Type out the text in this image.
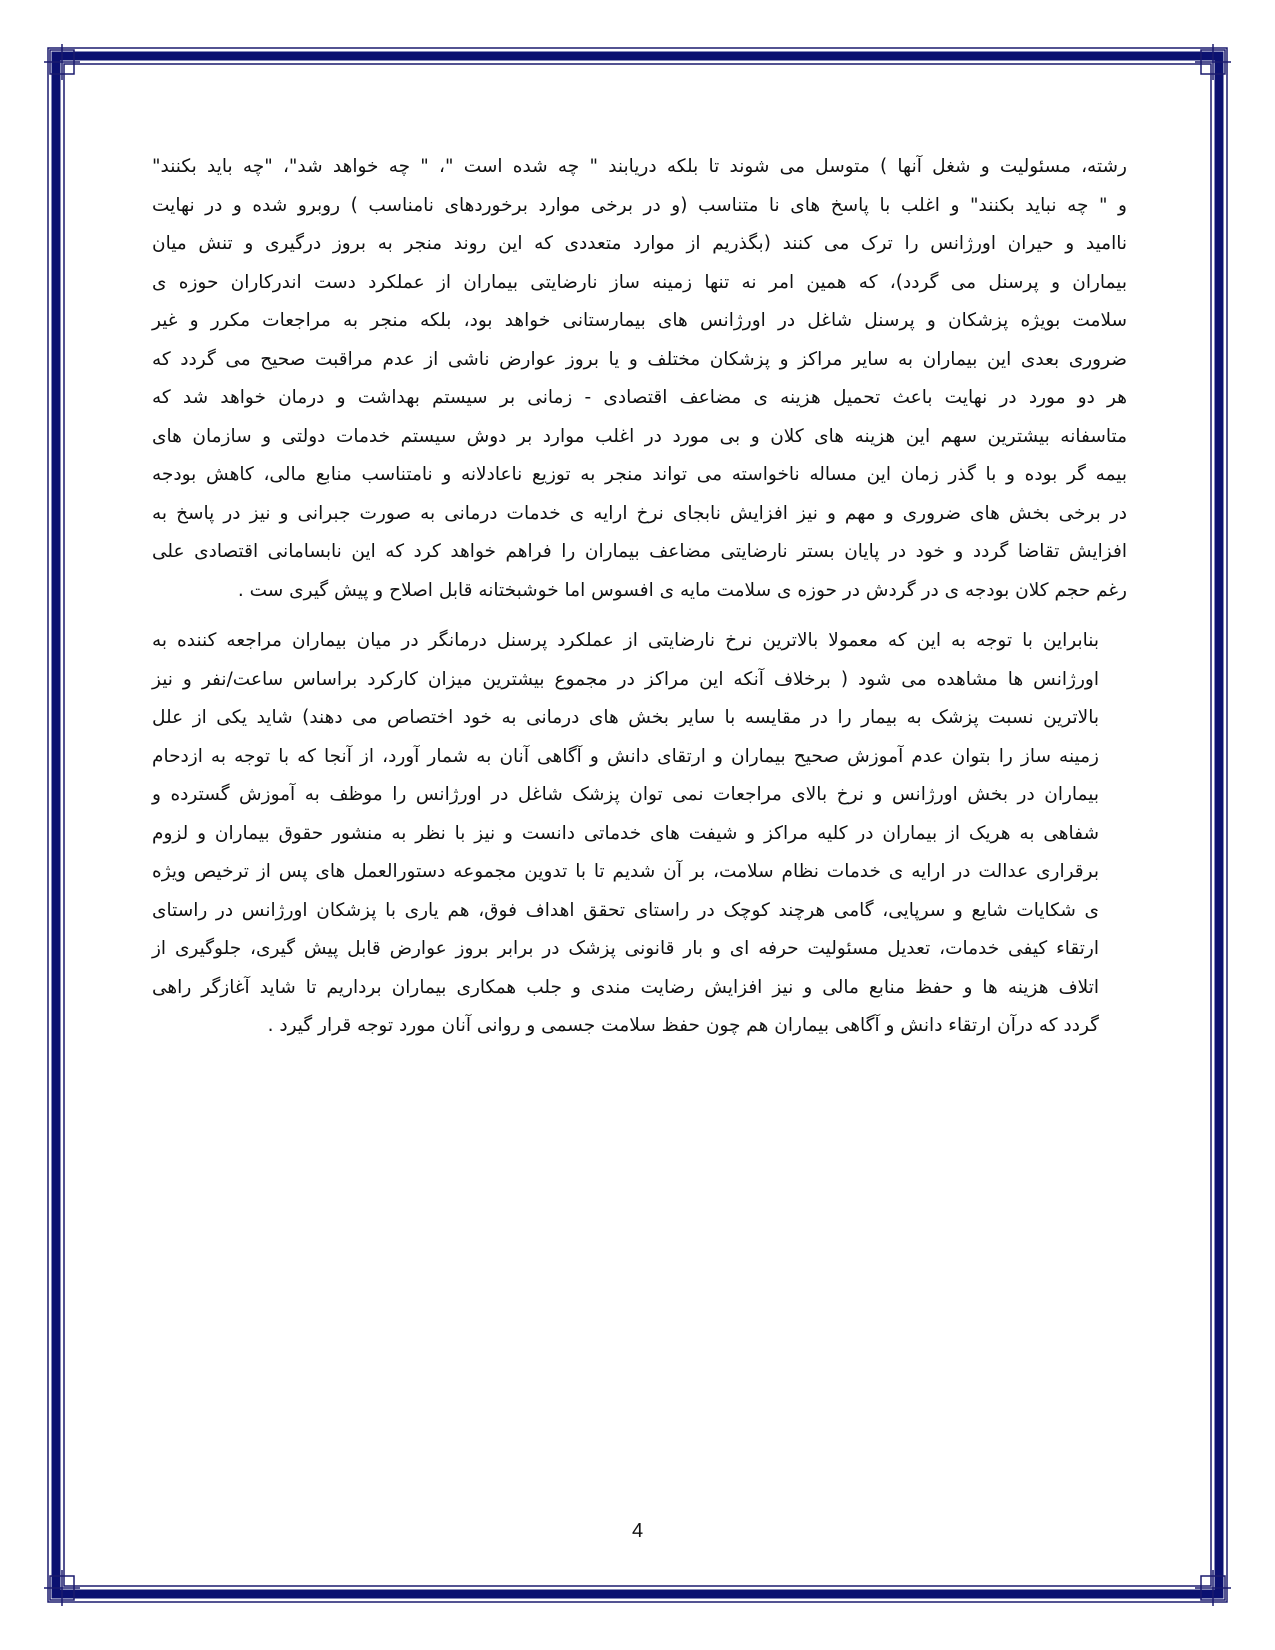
رشته، مسئولیت و شغل آنها ) متوسل می شوند تا بلکه دریابند " چه شده است "، " چه خواهد شد"، "چه باید بکنند"
و " چه نباید بکنند" و اغلب با پاسخ های نا متناسب (و در برخی موارد برخوردهای نامناسب ) روبرو شده و در نهایت
ناامید و حیران اورژانس را ترک می کنند (بگذریم از موارد متعددی که این روند منجر به بروز درگیری و تنش میان
بیماران و پرسنل می گردد)، که همین امر نه تنها زمینه ساز نارضایتی بیماران از عملکرد دست اندرکاران حوزه ی
سلامت بویژه پزشکان و پرسنل شاغل در اورژانس های بیمارستانی خواهد بود، بلکه منجر به مراجعات مکرر و غیر
ضروری بعدی این بیماران به سایر مراکز و پزشکان مختلف و یا بروز عوارض ناشی از عدم مراقبت صحیح می گردد که
هر دو مورد در نهایت باعث تحمیل هزینه ی مضاعف اقتصادی - زمانی بر سیستم بهداشت و درمان خواهد شد که
متاسفانه بیشترین سهم این هزینه های کلان و بی مورد در اغلب موارد بر دوش سیستم خدمات دولتی و سازمان های
بیمه گر بوده و با گذر زمان این مساله ناخواسته می تواند منجر به توزیع ناعادلانه و نامتناسب منابع مالی، کاهش بودجه
در برخی بخش های ضروری و مهم و نیز افزایش نابجای نرخ ارایه ی خدمات درمانی به صورت جبرانی و نیز در پاسخ به
افزایش تقاضا گردد و خود در پایان بستر نارضایتی مضاعف بیماران را فراهم خواهد کرد که این نابسامانی اقتصادی علی
رغم حجم کلان بودجه ی در گردش در حوزه ی سلامت مایه ی افسوس اما خوشبختانه قابل اصلاح و پیش گیری ست .

بنابراین با توجه به این که معمولا بالاترین نرخ نارضایتی از عملکرد پرسنل درمانگر در میان بیماران مراجعه کننده به
اورژانس ها مشاهده می شود ( برخلاف آنکه این مراکز در مجموع بیشترین میزان کارکرد براساس ساعت/نفر و نیز
بالاترین نسبت پزشک به بیمار را در مقایسه با سایر بخش های درمانی به خود اختصاص می دهند) شاید یکی از علل
زمینه ساز را بتوان عدم آموزش صحیح بیماران و ارتقای دانش و آگاهی آنان به شمار آورد، از آنجا که با توجه به ازدحام
بیماران در بخش اورژانس و نرخ بالای مراجعات نمی توان پزشک شاغل در اورژانس را موظف به آموزش گسترده و
شفاهی به هریک از بیماران در کلیه مراکز و شیفت های خدماتی دانست و نیز با نظر به منشور حقوق بیماران و لزوم
برقراری عدالت در ارایه ی خدمات نظام سلامت، بر آن شدیم تا با تدوین مجموعه دستورالعمل های پس از ترخیص ویژه
ی شکایات شایع و سرپایی، گامی هرچند کوچک در راستای تحقق اهداف فوق، هم یاری با پزشکان اورژانس در راستای
ارتقاء کیفی خدمات، تعدیل مسئولیت حرفه ای و بار قانونی پزشک در برابر بروز عوارض قابل پیش گیری، جلوگیری از
اتلاف هزینه ها و حفظ منابع مالی و نیز افزایش رضایت مندی و جلب همکاری بیماران برداریم تا شاید آغازگر راهی
گردد که درآن ارتقاء دانش و آگاهی بیماران هم چون حفظ سلامت جسمی و روانی آنان مورد توجه قرار گیرد .

4
